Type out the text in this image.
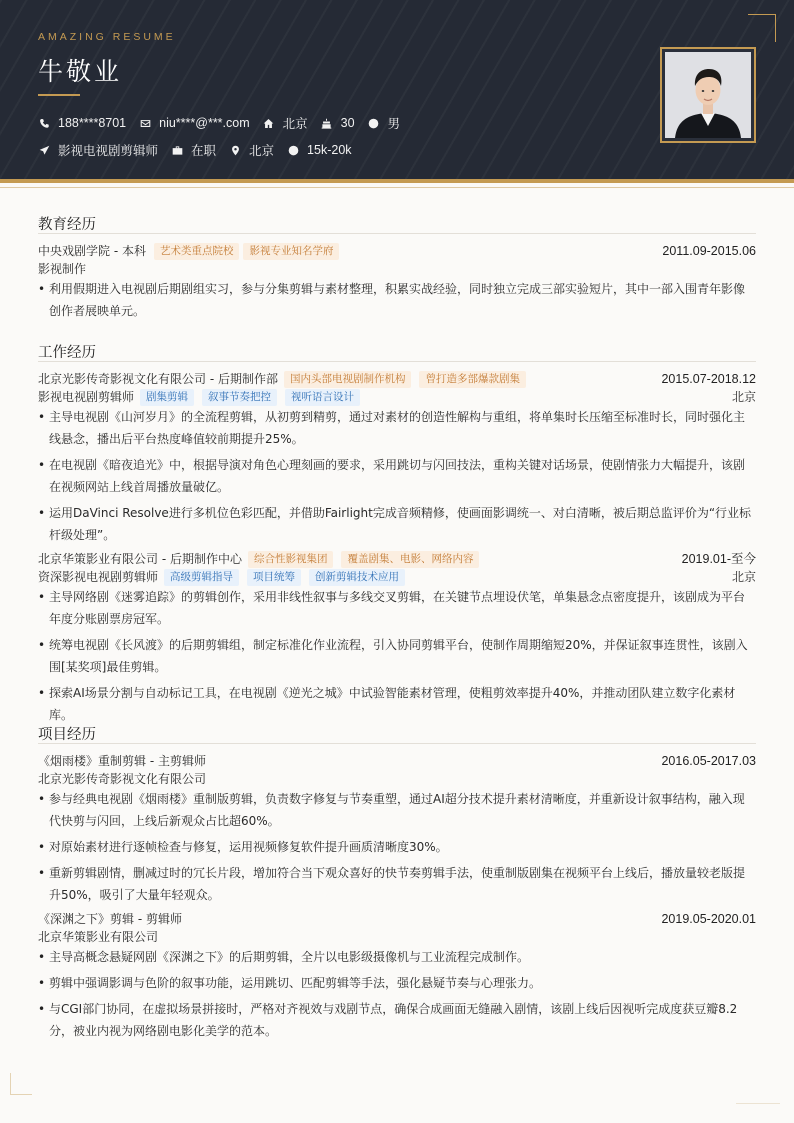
AMAZING RESUME
牛敬业
188****8701	niu****@***.com	北京	30	男
影视电视剧剪辑师	在职	北京	15k-20k
教育经历
中央戏剧学院 - 本科	艺术类重点院校	影视专业知名学府	2011.09-2015.06
影视制作
• 利用假期进入电视剧后期剧组实习，参与分集剪辑与素材整理，积累实战经验，同时独立完成三部实验短片，其中一部入围青年影像创作者展映单元。
工作经历
北京光影传奇影视文化有限公司 - 后期制作部	国内头部电视剧制作机构	曾打造多部爆款剧集	2015.07-2018.12
影视电视剧剪辑师	剧集剪辑	叙事节奏把控	视听语言设计	北京
• 主导电视剧《山河岁月》的全流程剪辑，从初剪到精剪，通过对素材的创造性解构与重组，将单集时长压缩至标准时长，同时强化主线悬念，播出后平台热度峰值较前期提升25%。
• 在电视剧《暗夜追光》中，根据导演对角色心理刻画的要求，采用跳切与闪回技法，重构关键对话场景，使剧情张力大幅提升，该剧在视频网站上线首周播放量破亿。
• 运用DaVinci Resolve进行多机位色彩匹配，并借助Fairlight完成音频精修，使画面影调统一、对白清晰，被后期总监评价为“行业标杆级处理”。
北京华策影业有限公司 - 后期制作中心	综合性影视集团	覆盖剧集、电影、网络内容	2019.01-至今
资深影视电视剧剪辑师	高级剪辑指导	项目统筹	创新剪辑技术应用	北京
• 主导网络剧《迷雾追踪》的剪辑创作，采用非线性叙事与多线交叉剪辑，在关键节点埋设伏笔，单集悬念点密度提升，该剧成为平台年度分账剧票房冠军。
• 统筹电视剧《长风渡》的后期剪辑组，制定标准化作业流程，引入协同剪辑平台，使制作周期缩短20%，并保证叙事连贯性，该剧入围[某奖项]最佳剪辑。
• 探索AI场景分割与自动标记工具，在电视剧《逆光之城》中试验智能素材管理，使粗剪效率提升40%，并推动团队建立数字化素材库。
项目经历
《烟雨楼》重制剪辑 - 主剪辑师	2016.05-2017.03
北京光影传奇影视文化有限公司
• 参与经典电视剧《烟雨楼》重制版剪辑，负责数字修复与节奏重塑，通过AI超分技术提升素材清晰度，并重新设计叙事结构，融入现代快剪与闪回，上线后新观众占比超60%。
• 对原始素材进行逐帧检查与修复，运用视频修复软件提升画质清晰度30%。
• 重新剪辑剧情，删减过时的冗长片段，增加符合当下观众喜好的快节奏剪辑手法，使重制版剧集在视频平台上线后，播放量较老版提升50%，吸引了大量年轻观众。
《深渊之下》剪辑 - 剪辑师	2019.05-2020.01
北京华策影业有限公司
• 主导高概念悬疑网剧《深渊之下》的后期剪辑，全片以电影级摄像机与工业流程完成制作。
• 剪辑中强调影调与色阶的叙事功能，运用跳切、匹配剪辑等手法，强化悬疑节奏与心理张力。
• 与CGI部门协同，在虚拟场景拼接时，严格对齐视效与戏剧节点，确保合成画面无缝融入剧情，该剧上线后因视听完成度获豆瓣8.2分，被业内视为网络剧电影化美学的范本。
